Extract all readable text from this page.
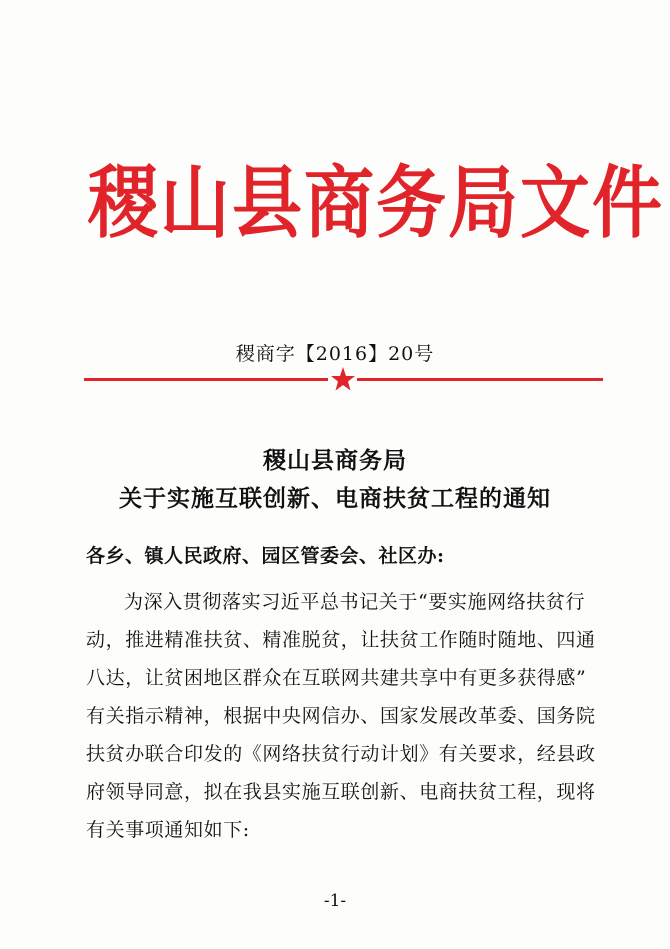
稷山县商务局文件
稷商字【2016】20号
稷山县商务局
关于实施互联创新、电商扶贫工程的通知
各乡、镇人民政府、园区管委会、社区办:
为深入贯彻落实习近平总书记关于“要实施网络扶贫行
动，推进精准扶贫、精准脱贫，让扶贫工作随时随地、四通
八达，让贫困地区群众在互联网共建共享中有更多获得感”
有关指示精神，根据中央网信办、国家发展改革委、国务院
扶贫办联合印发的《网络扶贫行动计划》有关要求，经县政
府领导同意，拟在我县实施互联创新、电商扶贫工程，现将
有关事项通知如下:
-1-
